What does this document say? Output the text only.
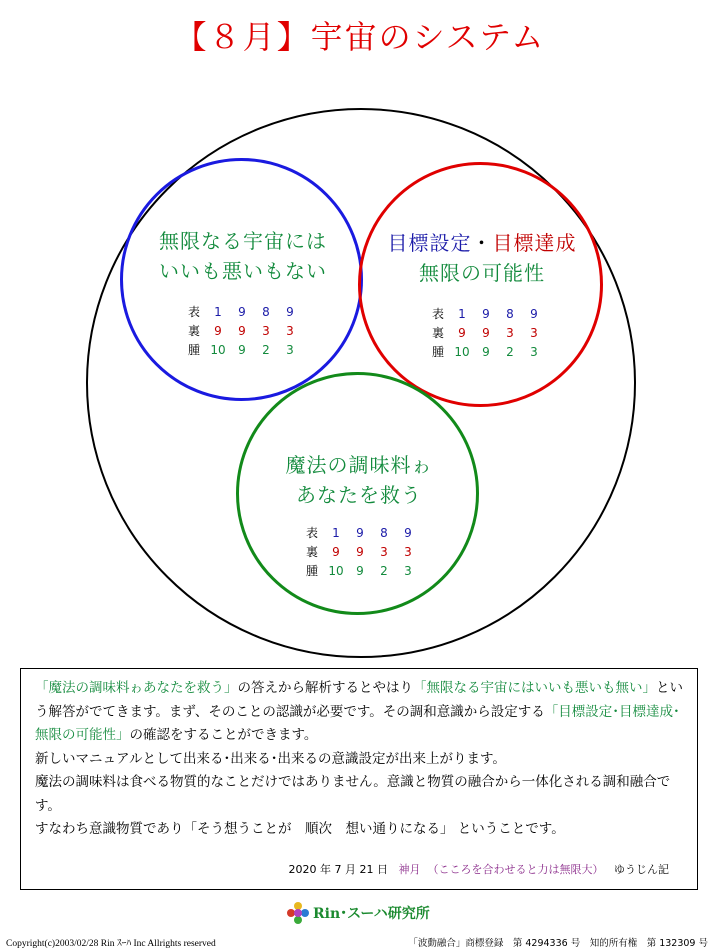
【８月】宇宙のシステム
無限なる宇宙には
いいも悪いもない
目標設定・目標達成
無限の可能性
魔法の調味料ゎ
あなたを救う
表 1 9 8 9
裏 9 9 3 3
腫 10 9 2 3
表 1 9 8 9
裏 9 9 3 3
腫 10 9 2 3
表 1 9 8 9
裏 9 9 3 3
腫 10 9 2 3
「魔法の調味料ゎあなたを救う」の答えから解析するとやはり「無限なる宇宙にはいいも悪いも無い」という解答がでてきます。まず、そのことの認識が必要です。その調和意識から設定する「目標設定･目標達成･無限の可能性」の確認をすることができます。
新しいマニュアルとして出来る･出来る･出来るの意識設定が出来上がります。
魔法の調味料は食べる物質的なことだけではありません。意識と物質の融合から一体化される調和融合です。
すなわち意識物質であり「そう想うことが　順次　想い通りになる」 ということです。
2020 年 7 月 21 日 神月 （こころを合わせると力は無限大） ゆうじん記
Rin･スーハ研究所
Copyright(c)2003/02/28 Rin ｽｰﾊ Inc Allrights reserved	「波動融合」商標登録　第 4294336 号　知的所有権　第 132309 号
